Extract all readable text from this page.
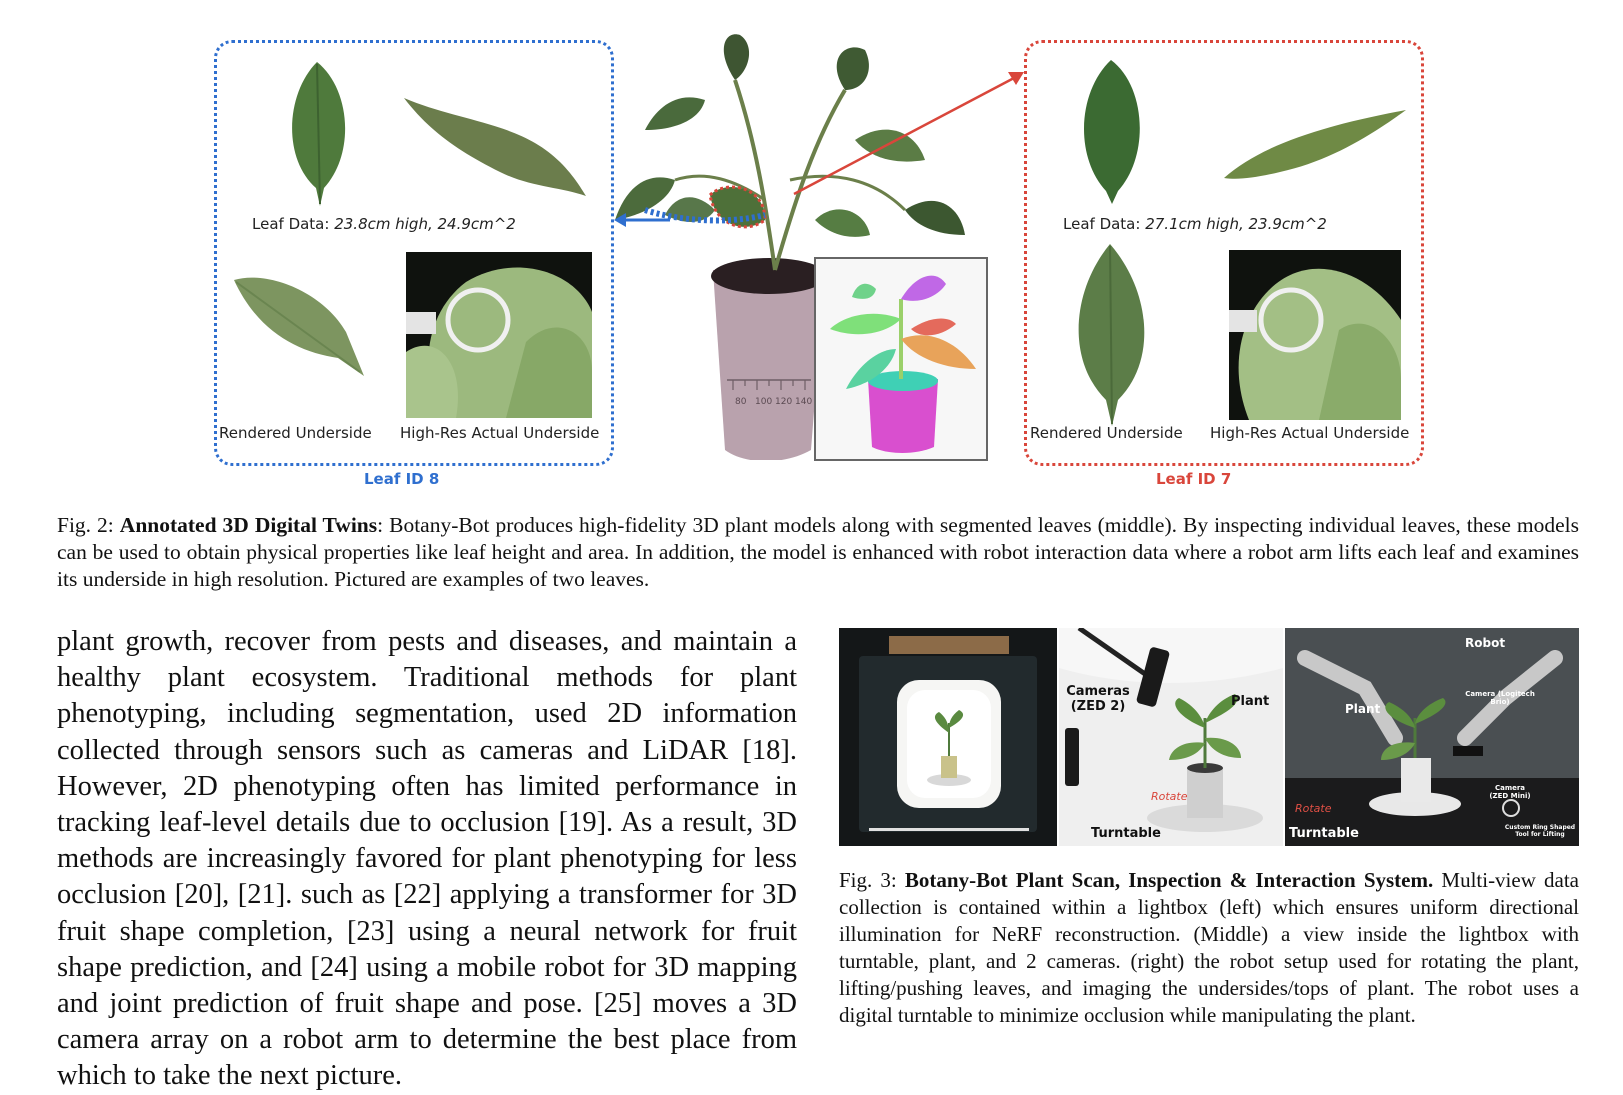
Leaf Data: 23.8cm high, 24.9cm^2
Rendered Underside High-Res Actual Underside
Leaf ID 8
80 100 120 140
Leaf Data: 27.1cm high, 23.9cm^2
Rendered Underside High-Res Actual Underside
Leaf ID 7
Fig. 2: Annotated 3D Digital Twins: Botany-Bot produces high-fidelity 3D plant models along with segmented leaves (middle). By inspecting individual leaves, these models can be used to obtain physical properties like leaf height and area. In addition, the model is enhanced with robot interaction data where a robot arm lifts each leaf and examines its underside in high resolution. Pictured are examples of two leaves.
plant growth, recover from pests and diseases, and maintain a healthy plant ecosystem. Traditional methods for plant phenotyping, including segmentation, used 2D information collected through sensors such as cameras and LiDAR [18]. However, 2D phenotyping often has limited performance in tracking leaf-level details due to occlusion [19]. As a result, 3D methods are increasingly favored for plant phenotyping for less occlusion [20], [21]. such as [22] applying a transformer for 3D fruit shape completion, [23] using a neural network for fruit shape prediction, and [24] using a mobile robot for 3D mapping and joint prediction of fruit shape and pose. [25] moves a 3D camera array on a robot arm to determine the best place from which to take the next picture.
Cameras (ZED 2)	Plant
Rotate
Turntable
Robot
Plant
Camera (Logitech Brio)
Camera (ZED Mini)
Rotate
Turntable	Custom Ring Shaped Tool for Lifting
Fig. 3: Botany-Bot Plant Scan, Inspection & Interaction System. Multi-view data collection is contained within a lightbox (left) which ensures uniform directional illumination for NeRF reconstruction. (Middle) a view inside the lightbox with turntable, plant, and 2 cameras. (right) the robot setup used for rotating the plant, lifting/pushing leaves, and imaging the undersides/tops of plant. The robot uses a digital turntable to minimize occlusion while manipulating the plant.
